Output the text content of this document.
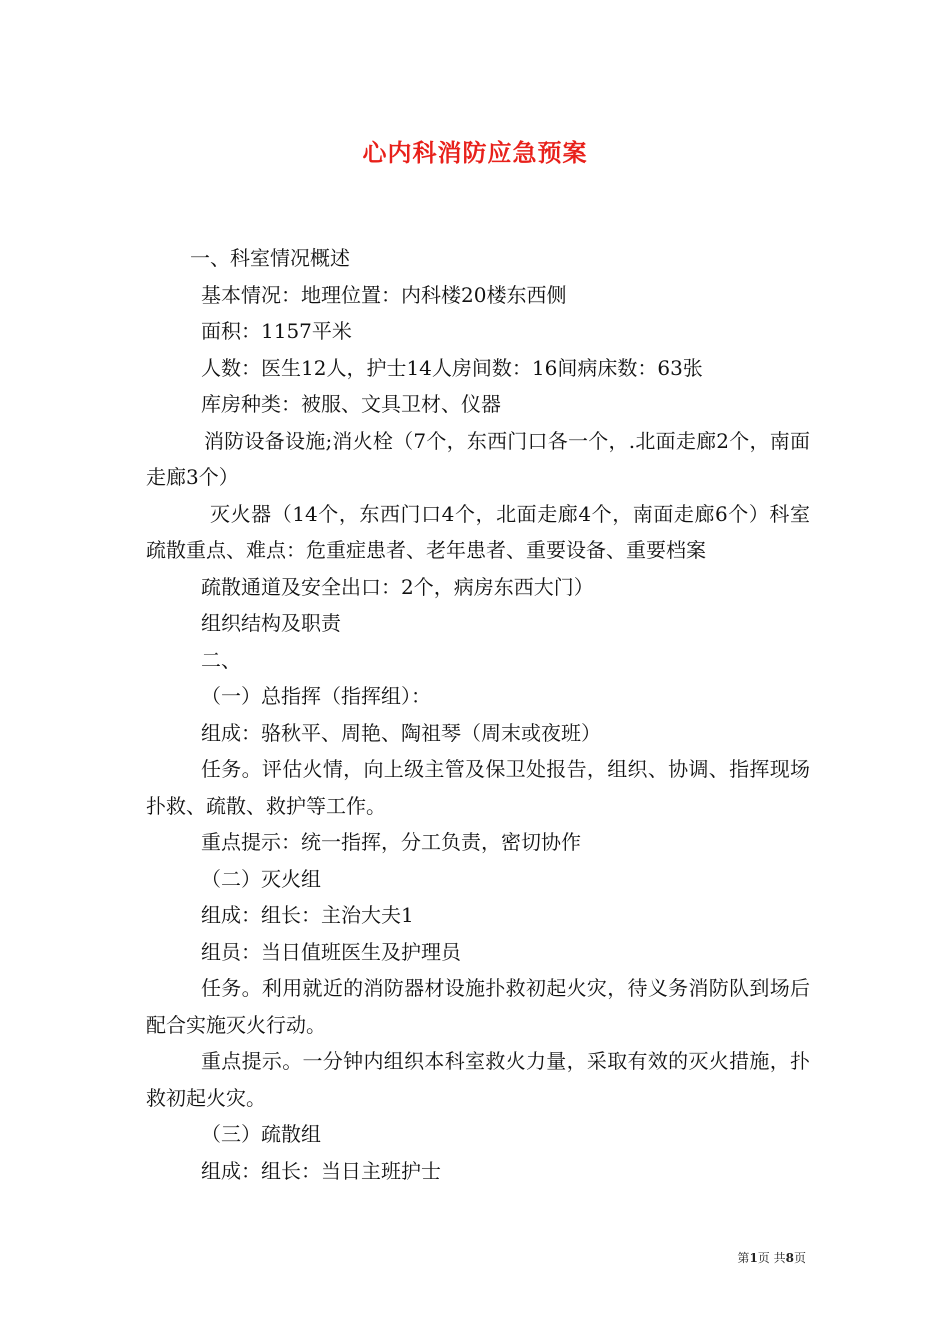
心内科消防应急预案

一、科室情况概述

基本情况：地理位置：内科楼20楼东西侧

面积：1157平米

人数：医生12人，护士14人房间数：16间病床数：63张

库房种类：被服、文具卫材、仪器

消防设备设施;消火栓（7个，东西门口各一个，.北面走廊2个，南面走廊3个）

灭火器（14个，东西门口4个，北面走廊4个，南面走廊6个）科室疏散重点、难点：危重症患者、老年患者、重要设备、重要档案

疏散通道及安全出口：2个，病房东西大门）

组织结构及职责

二、

（一）总指挥（指挥组）：

组成：骆秋平、周艳、陶祖琴（周末或夜班）

任务。评估火情，向上级主管及保卫处报告，组织、协调、指挥现场扑救、疏散、救护等工作。

重点提示：统一指挥，分工负责，密切协作

（二）灭火组

组成：组长：主治大夫1

组员：当日值班医生及护理员

任务。利用就近的消防器材设施扑救初起火灾，待义务消防队到场后配合实施灭火行动。

重点提示。一分钟内组织本科室救火力量，采取有效的灭火措施，扑救初起火灾。

（三）疏散组

组成：组长：当日主班护士

第1页 共8页
